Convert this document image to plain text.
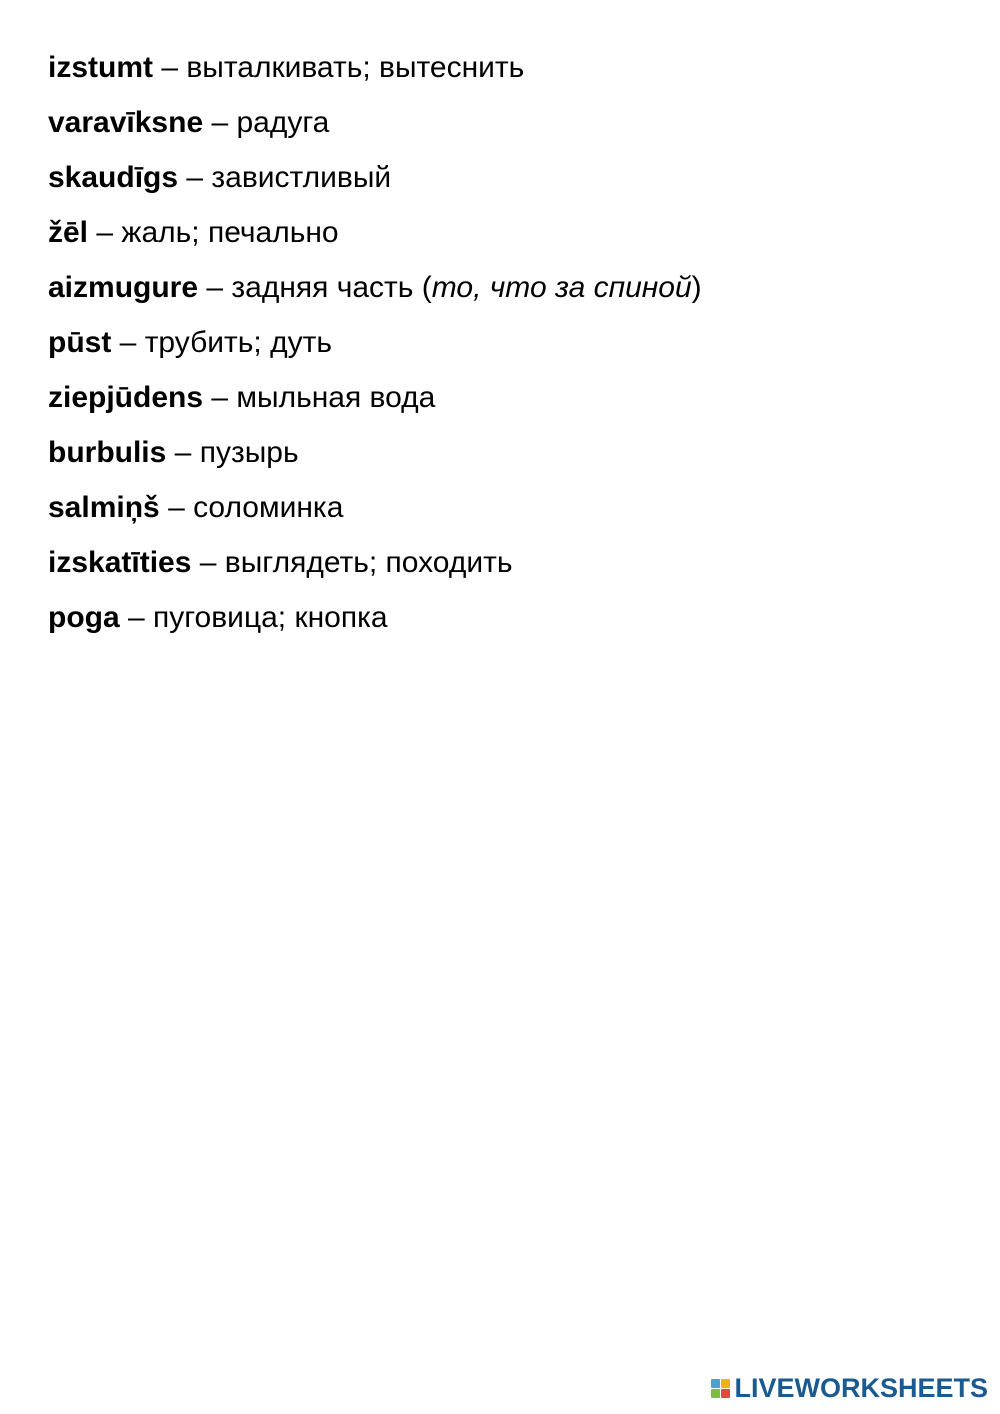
izstumt – выталкивать; вытеснить
varavīksne – радуга
skaudīgs – завистливый
žēl – жаль; печально
aizmugure – задняя часть (то, что за спиной)
pūst – трубить; дуть
ziepjūdens – мыльная вода
burbulis – пузырь
salmiņš – соломинка
izskatīties – выглядеть; походить
poga – пуговица; кнопка
LIVEWORKSHEETS
